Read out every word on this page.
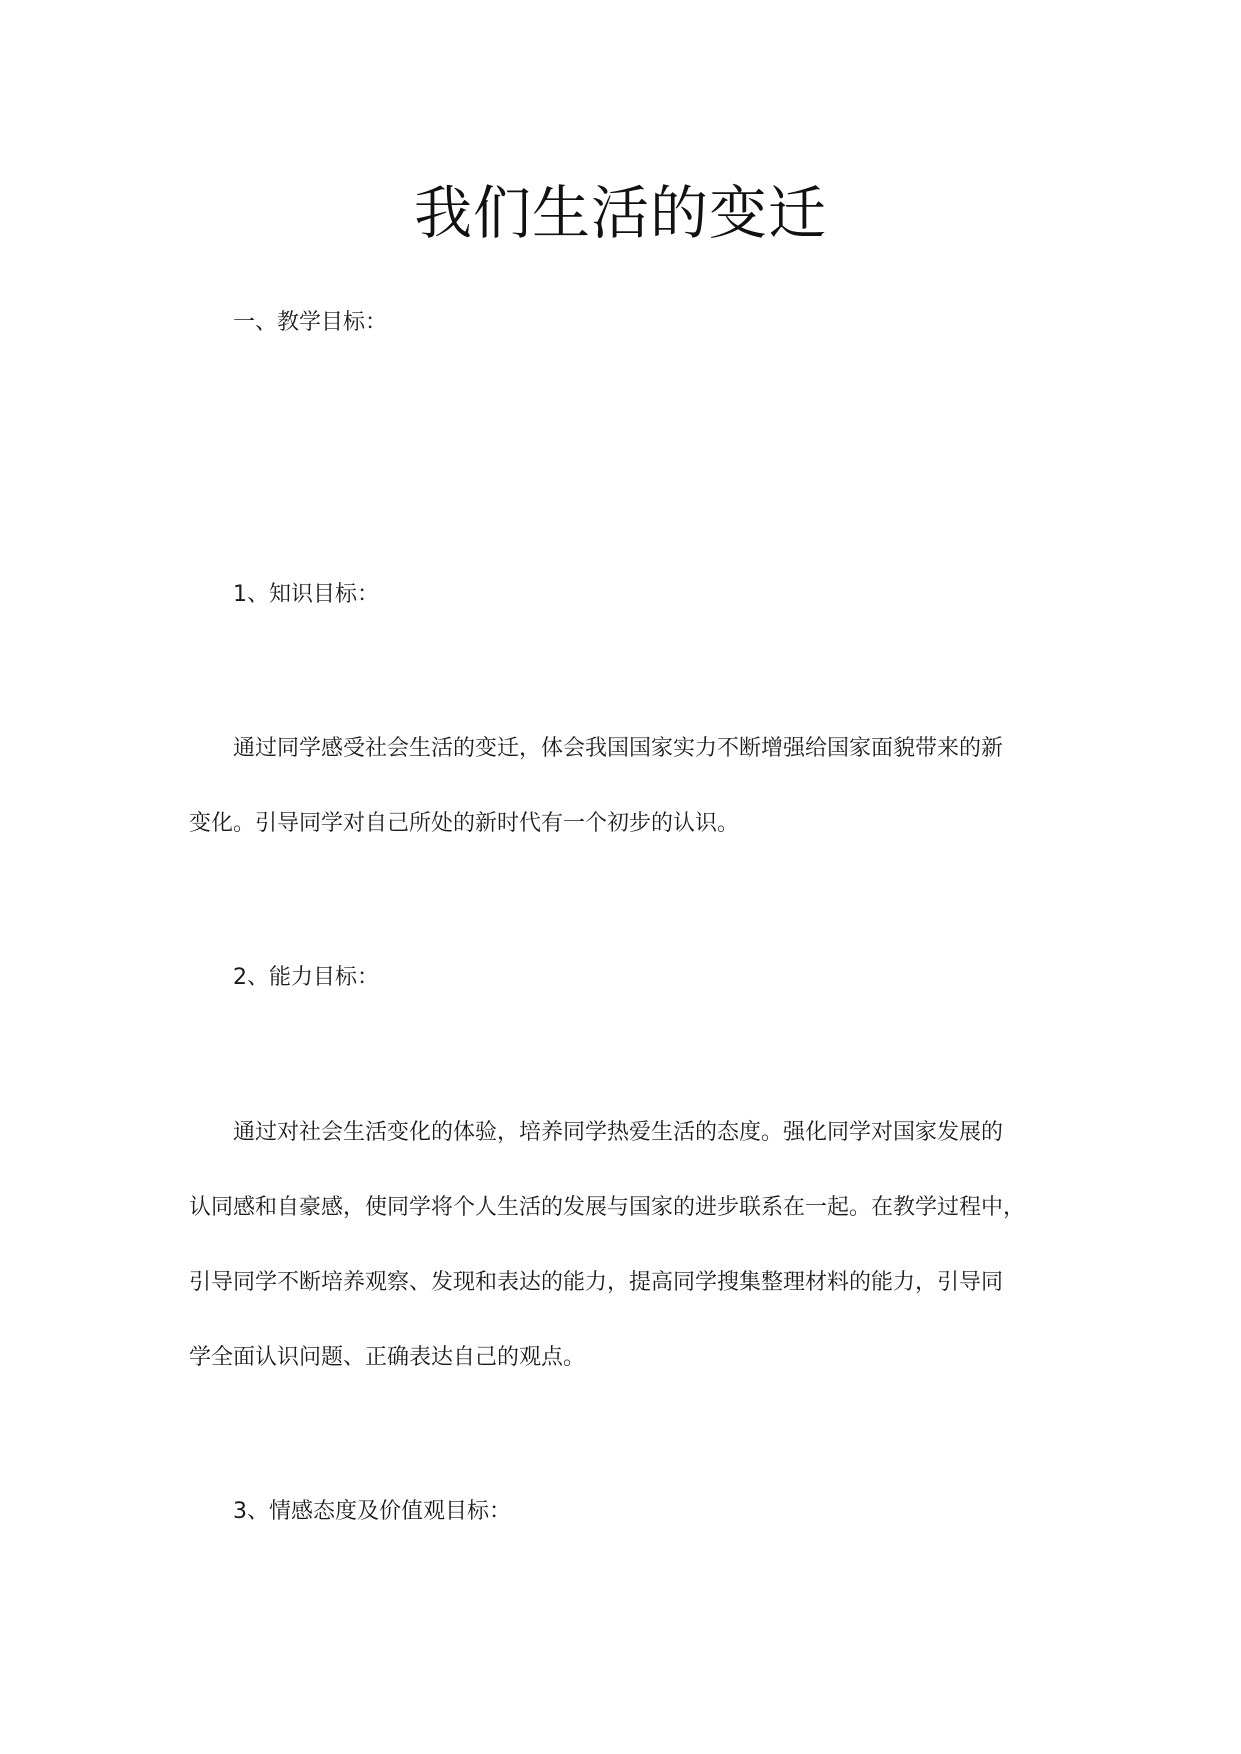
我们生活的变迁
一、教学目标：
1、知识目标：
通过同学感受社会生活的变迁，体会我国国家实力不断增强给国家面貌带来的新
变化。引导同学对自己所处的新时代有一个初步的认识。
2、能力目标：
通过对社会生活变化的体验，培养同学热爱生活的态度。强化同学对国家发展的
认同感和自豪感，使同学将个人生活的发展与国家的进步联系在一起。在教学过程中，
引导同学不断培养观察、发现和表达的能力，提高同学搜集整理材料的能力，引导同
学全面认识问题、正确表达自己的观点。
3、情感态度及价值观目标：
